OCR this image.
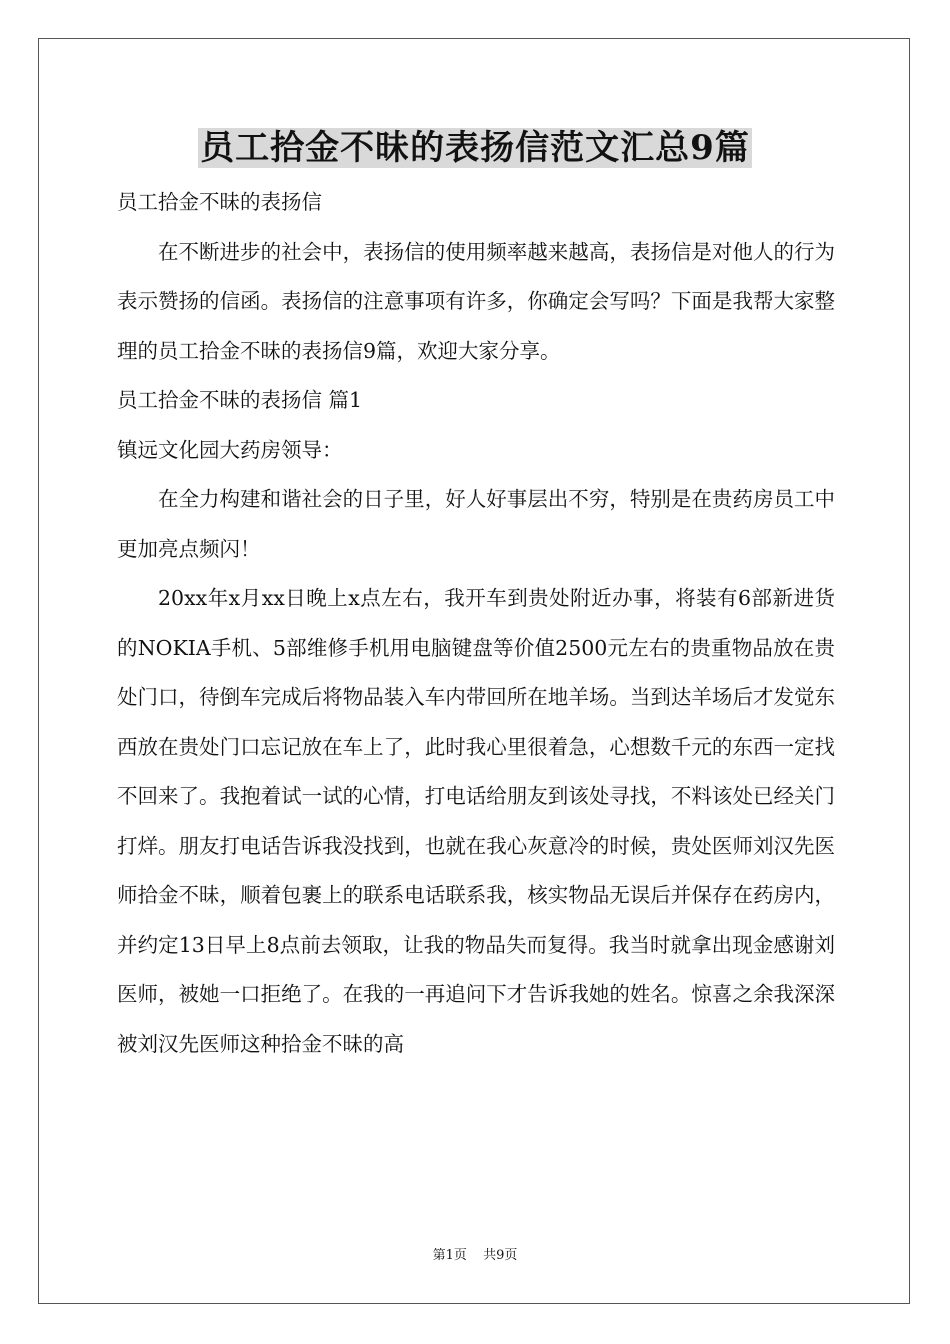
员工拾金不昧的表扬信范文汇总9篇

员工拾金不昧的表扬信

在不断进步的社会中，表扬信的使用频率越来越高，表扬信是对他人的行为表示赞扬的信函。表扬信的注意事项有许多，你确定会写吗？下面是我帮大家整理的员工拾金不昧的表扬信9篇，欢迎大家分享。

员工拾金不昧的表扬信 篇1

镇远文化园大药房领导：

在全力构建和谐社会的日子里，好人好事层出不穷，特别是在贵药房员工中更加亮点频闪！

20xx年x月xx日晚上x点左右，我开车到贵处附近办事，将装有6部新进货的NOKIA手机、5部维修手机用电脑键盘等价值2500元左右的贵重物品放在贵处门口，待倒车完成后将物品装入车内带回所在地羊场。当到达羊场后才发觉东西放在贵处门口忘记放在车上了，此时我心里很着急，心想数千元的东西一定找不回来了。我抱着试一试的心情，打电话给朋友到该处寻找，不料该处已经关门打烊。朋友打电话告诉我没找到，也就在我心灰意冷的时候，贵处医师刘汉先医师拾金不昧，顺着包裹上的联系电话联系我，核实物品无误后并保存在药房内，并约定13日早上8点前去领取，让我的物品失而复得。我当时就拿出现金感谢刘医师，被她一口拒绝了。在我的一再追问下才告诉我她的姓名。惊喜之余我深深被刘汉先医师这种拾金不昧的高

第1页 共9页
